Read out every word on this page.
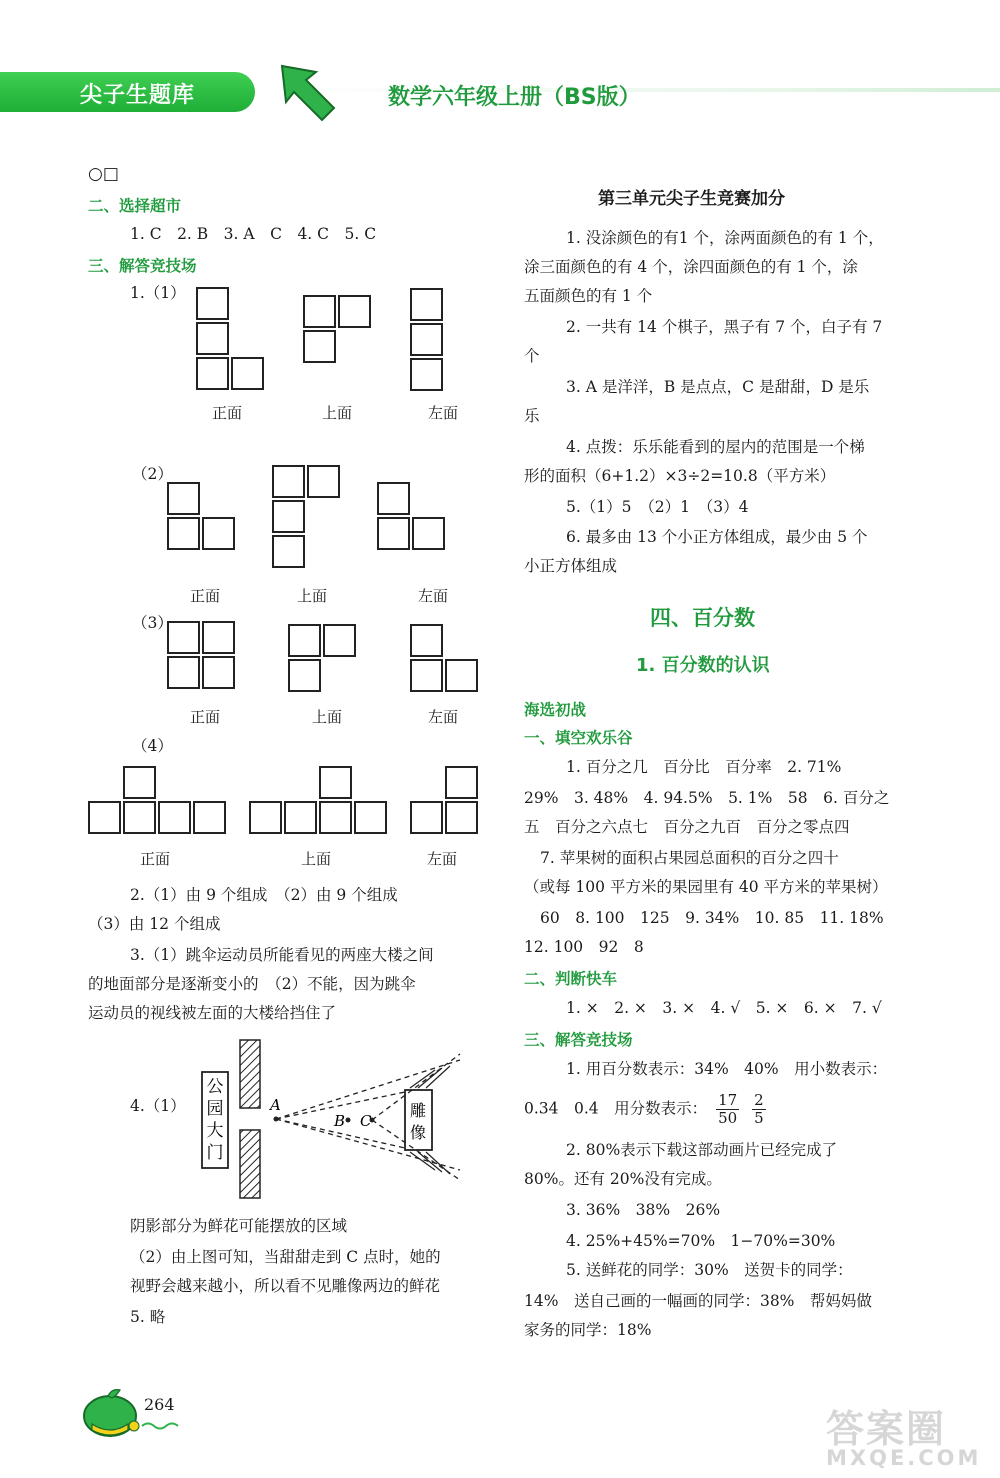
尖子生题库	数学六年级上册（BS版）
○□
二、选择超市
1. C　2. B　3. A　C　4. C　5. C
三、解答竞技场
1.（1）
正面	上面	左面
（2）
正面	上面	左面
（3）
正面	上面	左面
（4）
正面	上面	左面
2.（1）由 9 个组成　（2）由 9 个组成
（3）由 12 个组成
3.（1）跳伞运动员所能看见的两座大楼之间
的地面部分是逐渐变小的　（2）不能，因为跳伞
运动员的视线被左面的大楼给挡住了
4.（1）
公
园
大
门
雕
像
A
B C
阴影部分为鲜花可能摆放的区域
（2）由上图可知，当甜甜走到 C 点时，她的
视野会越来越小，所以看不见雕像两边的鲜花
5. 略
264
第三单元尖子生竞赛加分
1. 没涂颜色的有1 个，涂两面颜色的有 1 个，
涂三面颜色的有 4 个，涂四面颜色的有 1 个，涂
五面颜色的有 1 个
2. 一共有 14 个棋子，黑子有 7 个，白子有 7
个
3. A 是洋洋，B 是点点，C 是甜甜，D 是乐
乐
4. 点拨：乐乐能看到的屋内的范围是一个梯
形的面积（6+1.2）×3÷2=10.8（平方米）
5.（1）5　（2）1　（3）4
6. 最多由 13 个小正方体组成，最少由 5 个
小正方体组成
四、百分数
1. 百分数的认识
海选初战
一、填空欢乐谷
1. 百分之几　百分比　百分率　2. 71%
29%　3. 48%　4. 94.5%　5. 1%　58　6. 百分之
五　百分之六点七　百分之九百　百分之零点四
7. 苹果树的面积占果园总面积的百分之四十
（或每 100 平方米的果园里有 40 平方米的苹果树）
60　8. 100　125　9. 34%　10. 85　11. 18%
12. 100　92　8
二、判断快车
1. ×　2. ×　3. ×　4. √　5. ×　6. ×　7. √
三、解答竞技场
1. 用百分数表示：34%　40%　用小数表示：
0.34　0.4　用分数表示： $\frac{17}{50}$
$\frac{2}{5}$
2. 80%表示下载这部动画片已经完成了
80%。还有 20%没有完成。
3. 36%　38%　26%
4. 25%+45%=70%　1−70%=30%
5. 送鲜花的同学：30%　送贺卡的同学：
14%　送自己画的一幅画的同学：38%　帮妈妈做
家务的同学：18%
答案圈
MXQE.COM
